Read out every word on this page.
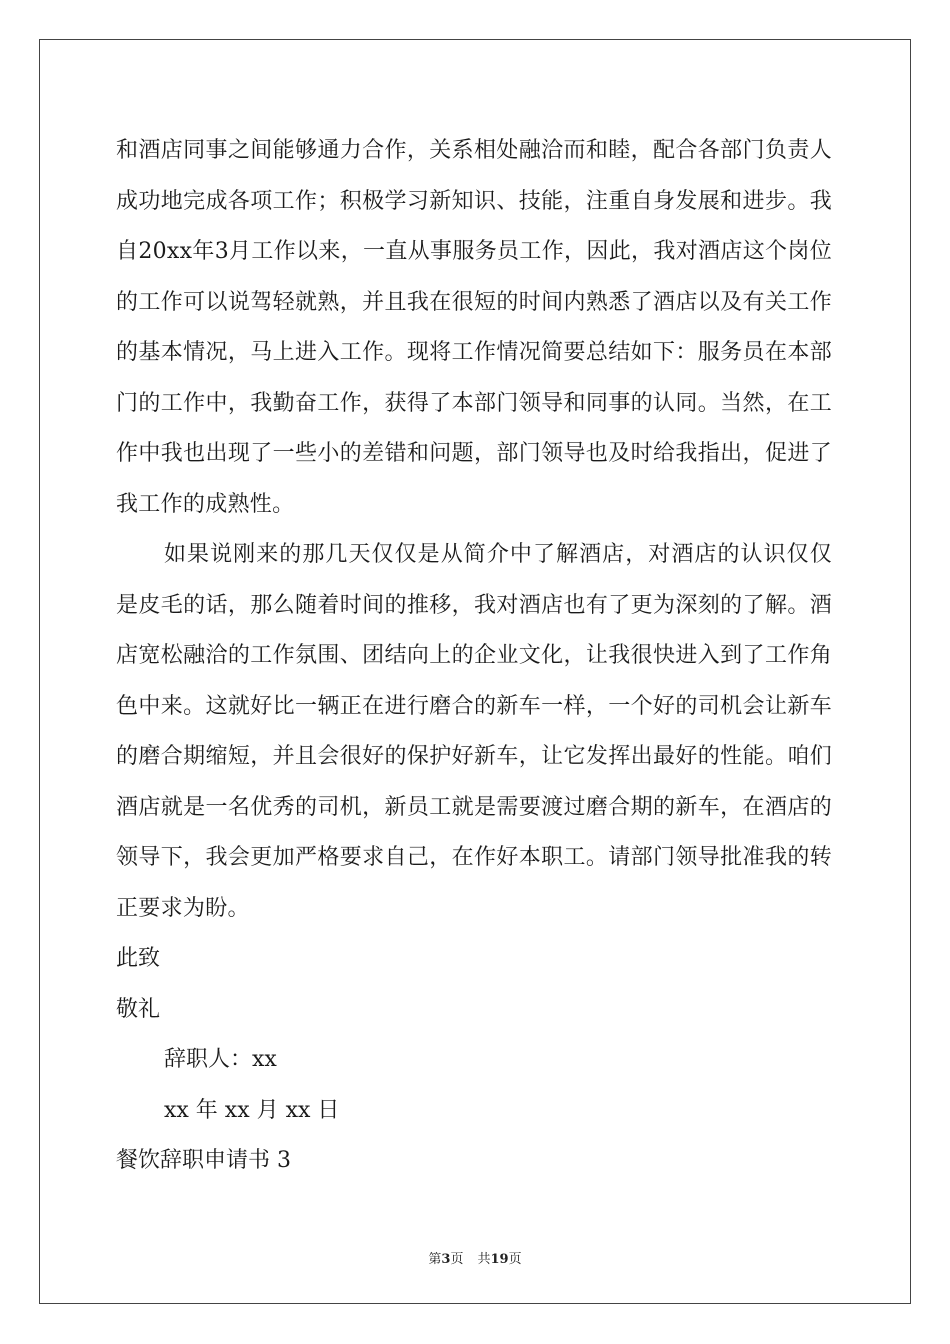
和酒店同事之间能够通力合作，关系相处融洽而和睦，配合各部门负责人成功地完成各项工作；积极学习新知识、技能，注重自身发展和进步。我自20xx年3月工作以来，一直从事服务员工作，因此，我对酒店这个岗位的工作可以说驾轻就熟，并且我在很短的时间内熟悉了酒店以及有关工作的基本情况，马上进入工作。现将工作情况简要总结如下：服务员在本部门的工作中，我勤奋工作，获得了本部门领导和同事的认同。当然，在工作中我也出现了一些小的差错和问题，部门领导也及时给我指出，促进了我工作的成熟性。

如果说刚来的那几天仅仅是从简介中了解酒店，对酒店的认识仅仅是皮毛的话，那么随着时间的推移，我对酒店也有了更为深刻的了解。酒店宽松融洽的工作氛围、团结向上的企业文化，让我很快进入到了工作角色中来。这就好比一辆正在进行磨合的新车一样，一个好的司机会让新车的磨合期缩短，并且会很好的保护好新车，让它发挥出最好的性能。咱们酒店就是一名优秀的司机，新员工就是需要渡过磨合期的新车，在酒店的领导下，我会更加严格要求自己，在作好本职工。请部门领导批准我的转正要求为盼。

此致

敬礼

辞职人：xx

xx 年 xx 月 xx 日

餐饮辞职申请书 3

第3页 共19页
